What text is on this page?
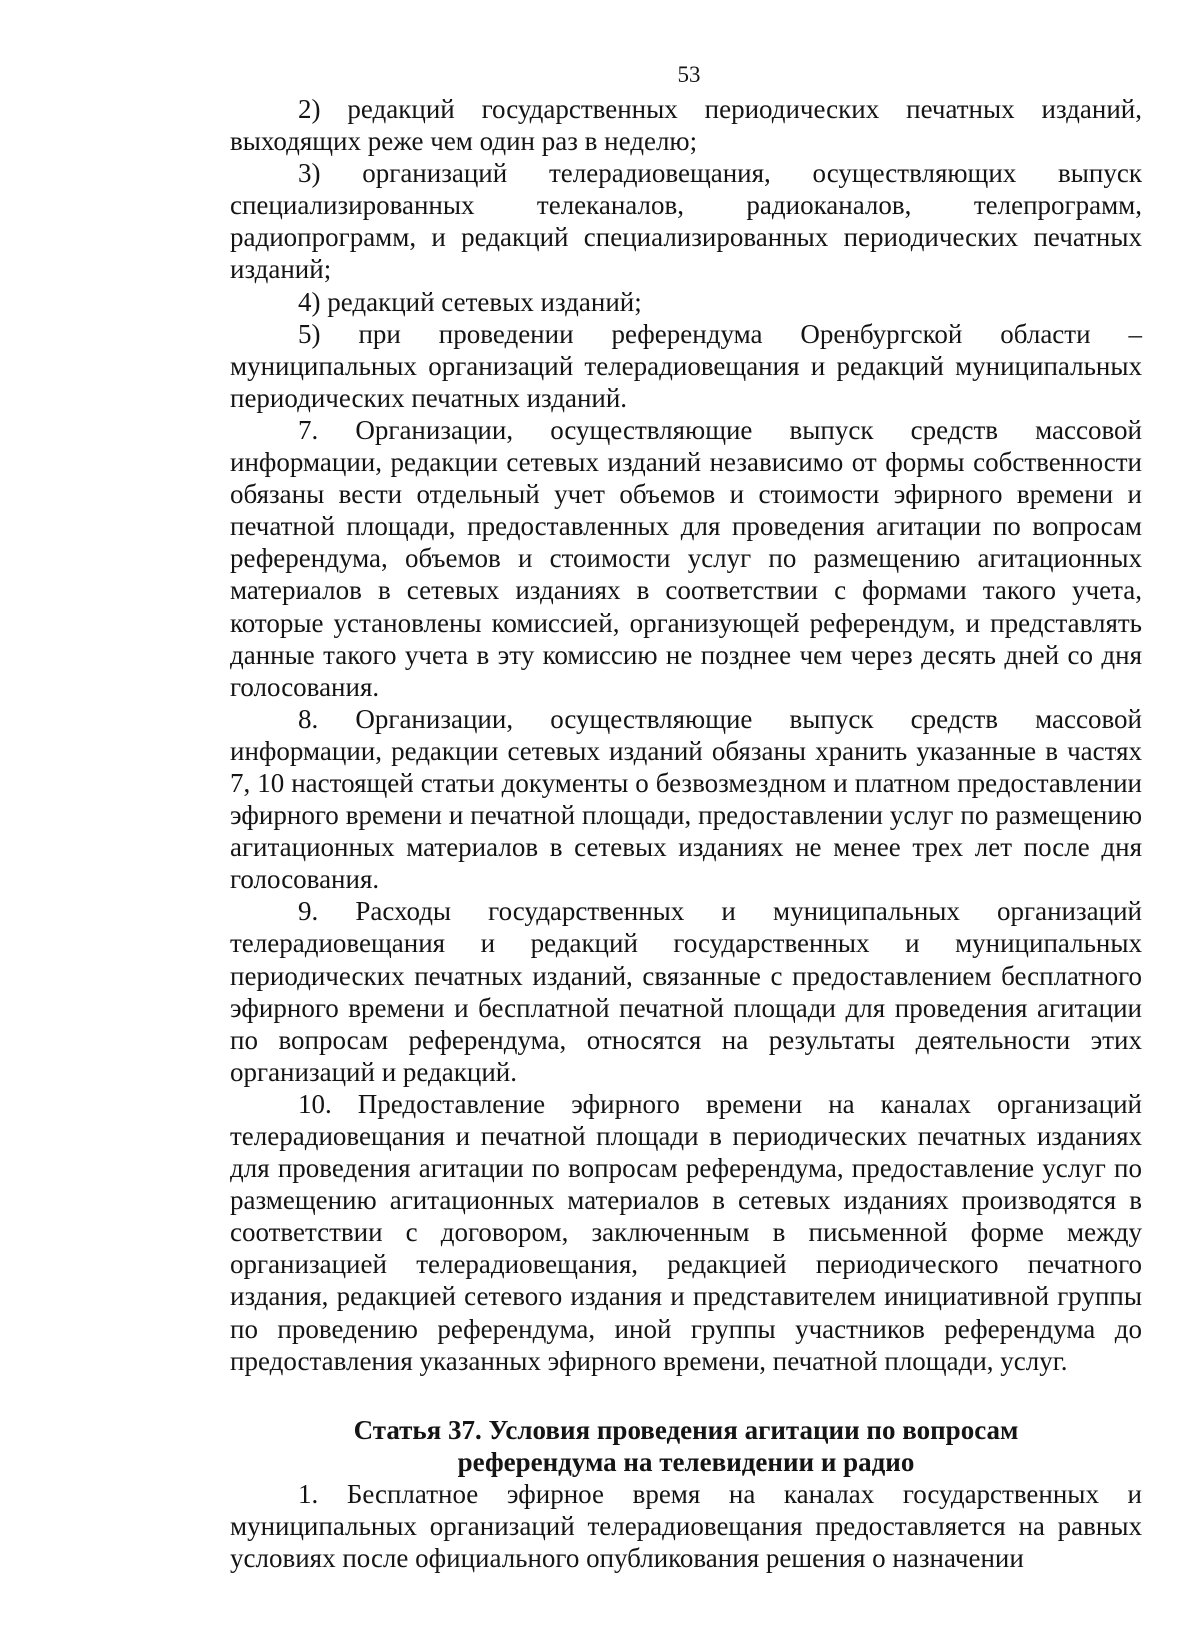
53

2) редакций государственных периодических печатных изданий, выходящих реже чем один раз в неделю;

3) организаций телерадиовещания, осуществляющих выпуск специализированных телеканалов, радиоканалов, телепрограмм, радиопрограмм, и редакций специализированных периодических печатных изданий;

4) редакций сетевых изданий;

5) при проведении референдума Оренбургской области – муниципальных организаций телерадиовещания и редакций муниципальных периодических печатных изданий.

7. Организации, осуществляющие выпуск средств массовой информации, редакции сетевых изданий независимо от формы собственности обязаны вести отдельный учет объемов и стоимости эфирного времени и печатной площади, предоставленных для проведения агитации по вопросам референдума, объемов и стоимости услуг по размещению агитационных материалов в сетевых изданиях в соответствии с формами такого учета, которые установлены комиссией, организующей референдум, и представлять данные такого учета в эту комиссию не позднее чем через десять дней со дня голосования.

8. Организации, осуществляющие выпуск средств массовой информации, редакции сетевых изданий обязаны хранить указанные в частях 7, 10 настоящей статьи документы о безвозмездном и платном предоставлении эфирного времени и печатной площади, предоставлении услуг по размещению агитационных материалов в сетевых изданиях не менее трех лет после дня голосования.

9. Расходы государственных и муниципальных организаций телерадиовещания и редакций государственных и муниципальных периодических печатных изданий, связанные с предоставлением бесплатного эфирного времени и бесплатной печатной площади для проведения агитации по вопросам референдума, относятся на результаты деятельности этих организаций и редакций.

10. Предоставление эфирного времени на каналах организаций телерадиовещания и печатной площади в периодических печатных изданиях для проведения агитации по вопросам референдума, предоставление услуг по размещению агитационных материалов в сетевых изданиях производятся в соответствии с договором, заключенным в письменной форме между организацией телерадиовещания, редакцией периодического печатного издания, редакцией сетевого издания и представителем инициативной группы по проведению референдума, иной группы участников референдума до предоставления указанных эфирного времени, печатной площади, услуг.

Статья 37. Условия проведения агитации по вопросам
референдума на телевидении и радио

1. Бесплатное эфирное время на каналах государственных и муниципальных организаций телерадиовещания предоставляется на равных условиях после официального опубликования решения о назначении
